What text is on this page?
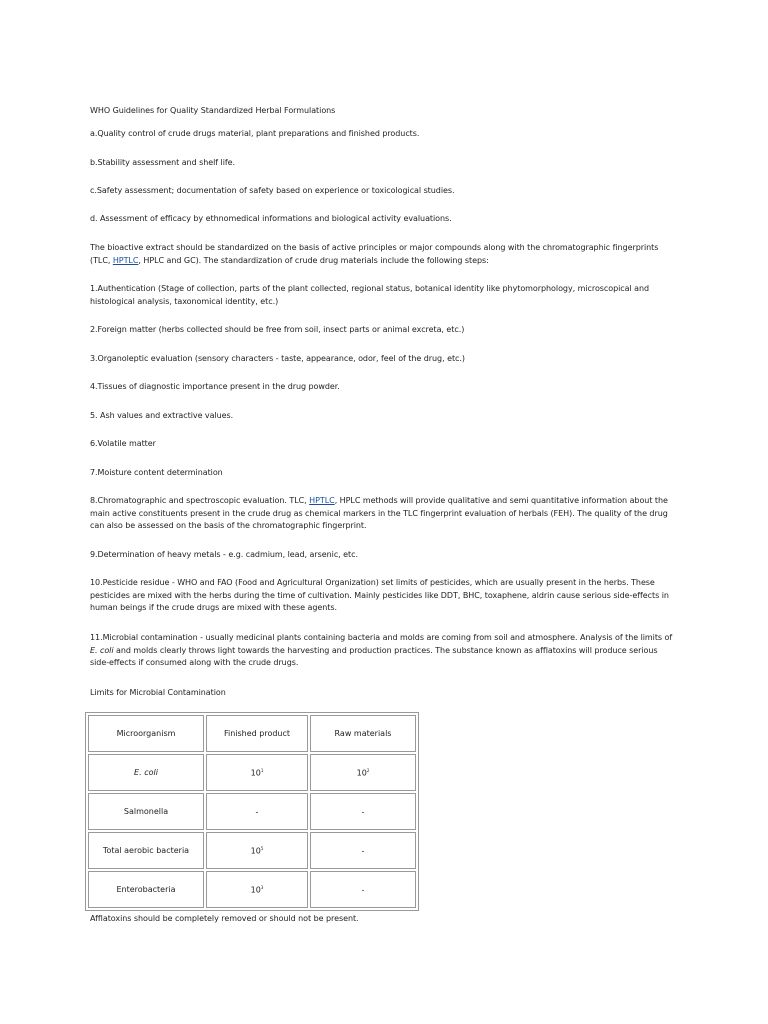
WHO Guidelines for Quality Standardized Herbal Formulations

a.Quality control of crude drugs material, plant preparations and finished products.

b.Stability assessment and shelf life.

c.Safety assessment; documentation of safety based on experience or toxicological studies.

d. Assessment of efficacy by ethnomedical informations and biological activity evaluations.

The bioactive extract should be standardized on the basis of active principles or major compounds along with the chromatographic fingerprints (TLC, HPTLC, HPLC and GC). The standardization of crude drug materials include the following steps:

1.Authentication (Stage of collection, parts of the plant collected, regional status, botanical identity like phytomorphology, microscopical and histological analysis, taxonomical identity, etc.)

2.Foreign matter (herbs collected should be free from soil, insect parts or animal excreta, etc.)

3.Organoleptic evaluation (sensory characters - taste, appearance, odor, feel of the drug, etc.)

4.Tissues of diagnostic importance present in the drug powder.

5. Ash values and extractive values.

6.Volatile matter

7.Moisture content determination

8.Chromatographic and spectroscopic evaluation. TLC, HPTLC, HPLC methods will provide qualitative and semi quantitative information about the main active constituents present in the crude drug as chemical markers in the TLC fingerprint evaluation of herbals (FEH). The quality of the drug can also be assessed on the basis of the chromatographic fingerprint.

9.Determination of heavy metals - e.g. cadmium, lead, arsenic, etc.

10.Pesticide residue - WHO and FAO (Food and Agricultural Organization) set limits of pesticides, which are usually present in the herbs. These pesticides are mixed with the herbs during the time of cultivation. Mainly pesticides like DDT, BHC, toxaphene, aldrin cause serious side-effects in human beings if the crude drugs are mixed with these agents.

11.Microbial contamination - usually medicinal plants containing bacteria and molds are coming from soil and atmosphere. Analysis of the limits of E. coli and molds clearly throws light towards the harvesting and production practices. The substance known as afflatoxins will produce serious side-effects if consumed along with the crude drugs.

Limits for Microbial Contamination

Afflatoxins should be completely removed or should not be present.

Microorganism	Finished product	Raw materials
E. coli	$10^1$	$10^2$
Salmonella	-	-
Total aerobic bacteria	$10^5$	-
Enterobacteria	$10^3$	-
